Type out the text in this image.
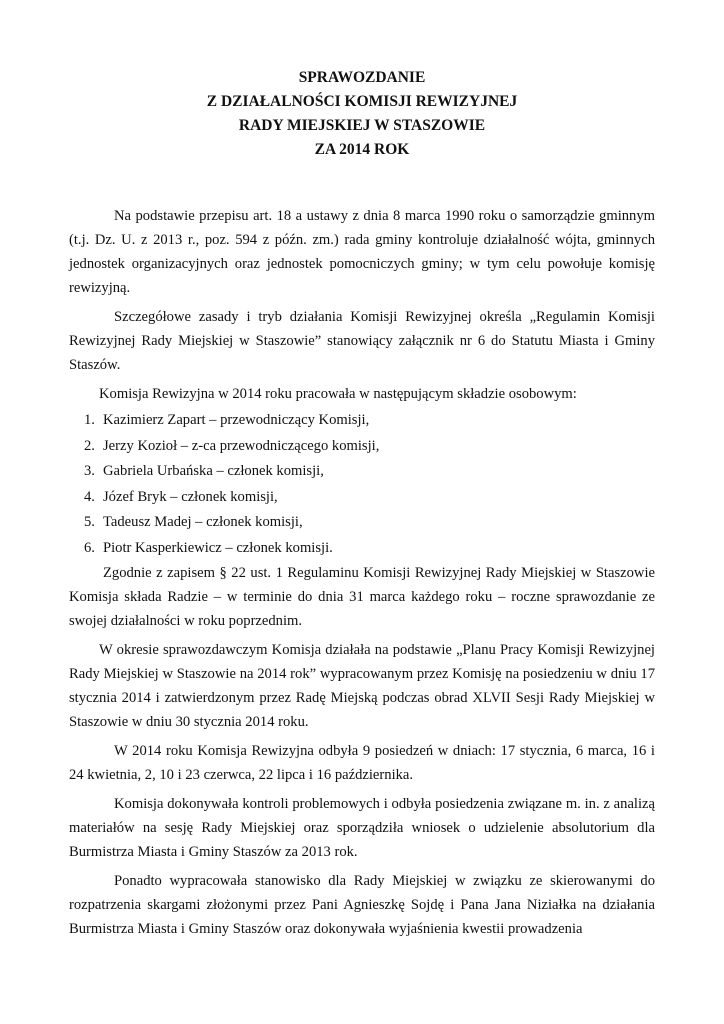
SPRAWOZDANIE
Z DZIAŁALNOŚCI KOMISJI REWIZYJNEJ
RADY MIEJSKIEJ W STASZOWIE
ZA 2014 ROK

Na podstawie przepisu art. 18 a ustawy z dnia 8 marca 1990 roku o samorządzie gminnym (t.j. Dz. U. z 2013 r., poz. 594 z późn. zm.) rada gminy kontroluje działalność wójta, gminnych jednostek organizacyjnych oraz jednostek pomocniczych gminy; w tym celu powołuje komisję rewizyjną.

Szczegółowe zasady i tryb działania Komisji Rewizyjnej określa „Regulamin Komisji Rewizyjnej Rady Miejskiej w Staszowie” stanowiący załącznik nr 6 do Statutu Miasta i Gminy Staszów.

Komisja Rewizyjna w 2014 roku pracowała w następującym składzie osobowym:

1. Kazimierz Zapart – przewodniczący Komisji,
2. Jerzy Kozioł – z-ca przewodniczącego komisji,
3. Gabriela Urbańska – członek komisji,
4. Józef Bryk – członek komisji,
5. Tadeusz Madej – członek komisji,
6. Piotr Kasperkiewicz – członek komisji.

Zgodnie z zapisem § 22 ust. 1 Regulaminu Komisji Rewizyjnej Rady Miejskiej w Staszowie Komisja składa Radzie – w terminie do dnia 31 marca każdego roku – roczne sprawozdanie ze swojej działalności w roku poprzednim.

W okresie sprawozdawczym Komisja działała na podstawie „Planu Pracy Komisji Rewizyjnej Rady Miejskiej w Staszowie na 2014 rok” wypracowanym przez Komisję na posiedzeniu w dniu 17 stycznia 2014 i zatwierdzonym przez Radę Miejską podczas obrad XLVII Sesji Rady Miejskiej w Staszowie w dniu 30 stycznia 2014 roku.

W 2014 roku Komisja Rewizyjna odbyła 9 posiedzeń w dniach: 17 stycznia, 6 marca, 16 i 24 kwietnia, 2, 10 i 23 czerwca, 22 lipca i 16 października.

Komisja dokonywała kontroli problemowych i odbyła posiedzenia związane m. in. z analizą materiałów na sesję Rady Miejskiej oraz sporządziła wniosek o udzielenie absolutorium dla Burmistrza Miasta i Gminy Staszów za 2013 rok.

Ponadto wypracowała stanowisko dla Rady Miejskiej w związku ze skierowanymi do rozpatrzenia skargami złożonymi przez Pani Agnieszkę Sojdę i Pana Jana Niziałka na działania Burmistrza Miasta i Gminy Staszów oraz dokonywała wyjaśnienia kwestii prowadzenia
